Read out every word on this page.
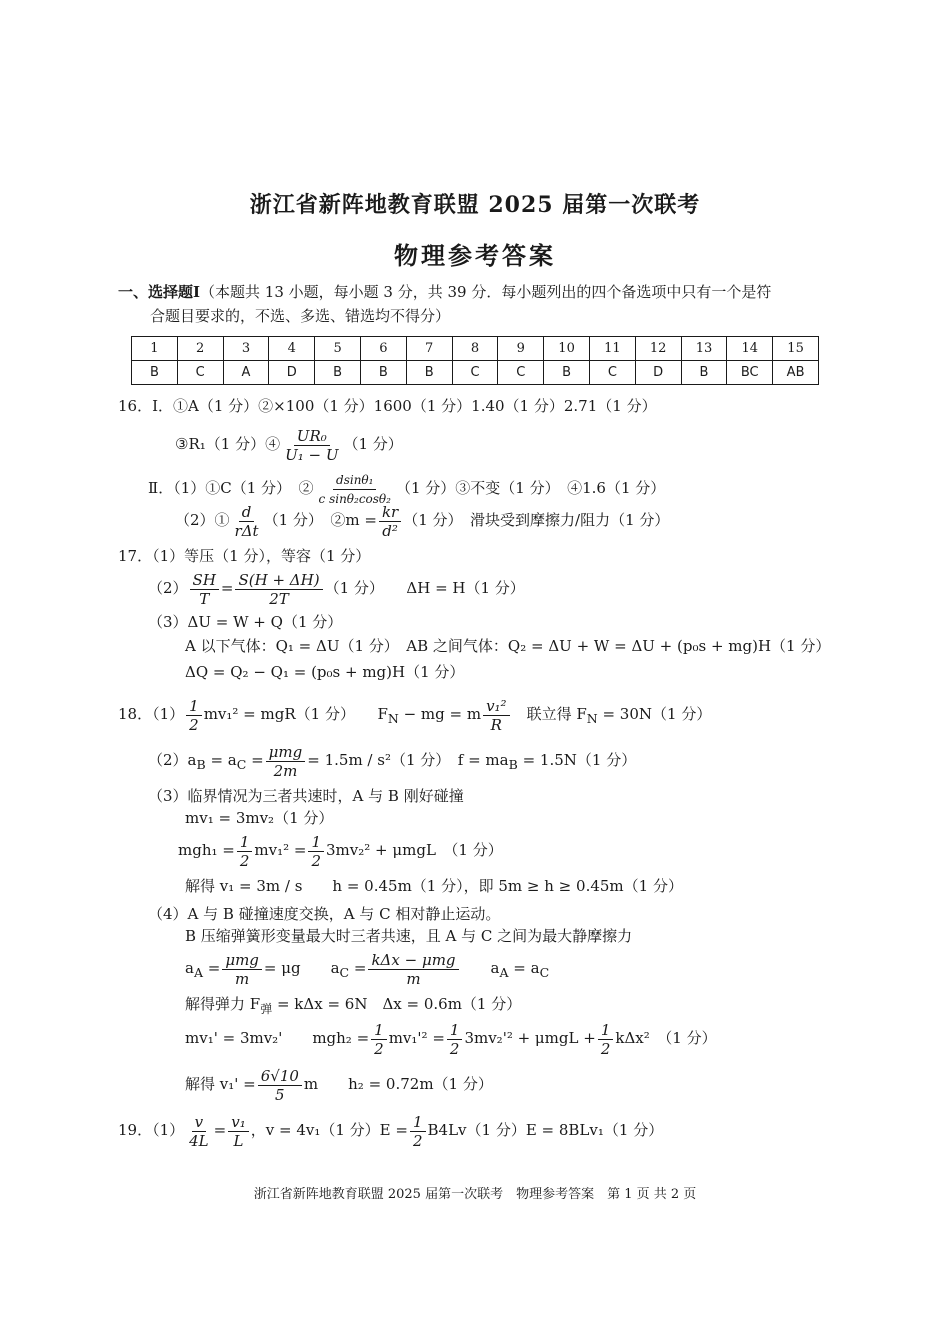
浙江省新阵地教育联盟 2025 届第一次联考
物理参考答案
一、选择题Ⅰ（本题共 13 小题，每小题 3 分，共 39 分．每小题列出的四个备选项中只有一个是符
合题目要求的，不选、多选、错选均不得分）
1	2	3	4	5	6	7	8	9	10	11	12	13	14	15
B	C	A	D	B	B	B	C	C	B	C	D	B	BC	AB
16．Ⅰ．①A（1 分）②×100（1 分）1600（1 分）1.40（1 分）2.71（1 分）
③R₁（1 分）④ $\frac{\text{UR₀}}{\text{U₁ − U}} (1$ 分）
Ⅱ．（1）①C（1 分）　② $\frac{\text{dsinθ₁}}{\text{c sinθ₂cosθ₂}} (1$ 分）③不变（1 分）　④1.6（1 分）
（2）① $\frac{d}{\text{rΔt}} (1$ 分）　②m = $\frac{kr}{\text{d²}} (1$ 分）　滑块受到摩擦力/阻力（1 分）
17．（1）等压（1 分），等容（1 分）
$(2) \frac{SH}{T} = \frac{S(H + \Delta H)}{2T} (1$ 分）　　ΔH = H（1 分）
（3）ΔU = W + Q（1 分）
A 以下气体：Q₁ = ΔU（1 分）　AB 之间气体：Q₂ = ΔU + W = ΔU + (p₀s + mg)H（1 分）
ΔQ = Q₂ − Q₁ = (p₀s + mg)H（1 分）
18．$(1) \frac{1}{2} mv_1^2 = mgR(1$ 分）　　$F_N$ − mg = m $\frac{\text{v₁²}}{R}$ 　联立得 $F_N = 30N(1$ 分）
$(2)a_B = a_C = \frac{\text{μmg}}{2m} = 1.5m / s^2(1$ 分）　$f = ma_B = 1.5N(1$ 分）
（3）临界情况为三者共速时，A 与 B 刚好碰撞
mv₁ = 3mv₂（1 分）
$mgh_1 = \frac{1}{2} mv_1^2 = \frac{1}{2} 3mv_2^2 + \mu mgL$　（1 分）
解得 v₁ = 3m / s　　h = 0.45m（1 分），即 5m ≥ h ≥ 0.45m（1 分）
（4）A 与 B 碰撞速度交换，A 与 C 相对静止运动。
B 压缩弹簧形变量最大时三者共速，且 A 与 C 之间为最大静摩擦力
$a_A = \frac{\text{μmg}}{m} = \mu g$　　$a_C = \frac{\text{kΔx − μmg}}{m}$ 　　$a_A = a_C$
解得弹力 $F_弹 = k\Delta x = 6N$　Δx = 0.6m（1 分）
mv₁' = 3mv₂'　　$mgh_2 = \frac{1}{2} mv_1'^2 = \frac{1}{2} 3mv_2'^2 + \mu mgL + \frac{1}{2} k\Delta x^2$　（1 分）
解得 $v_1' = \frac{6√10}{5}$ m　　h₂ = 0.72m（1 分）
19．$(1) \frac{v}{4L} = \frac{\text{v₁}}{L}$ ，v = 4v₁（1 分）$E = \frac{1}{2} B4Lv(1$ 分）E = 8BLv₁（1 分）
浙江省新阵地教育联盟 2025 届第一次联考　物理参考答案　第 1 页 共 2 页
